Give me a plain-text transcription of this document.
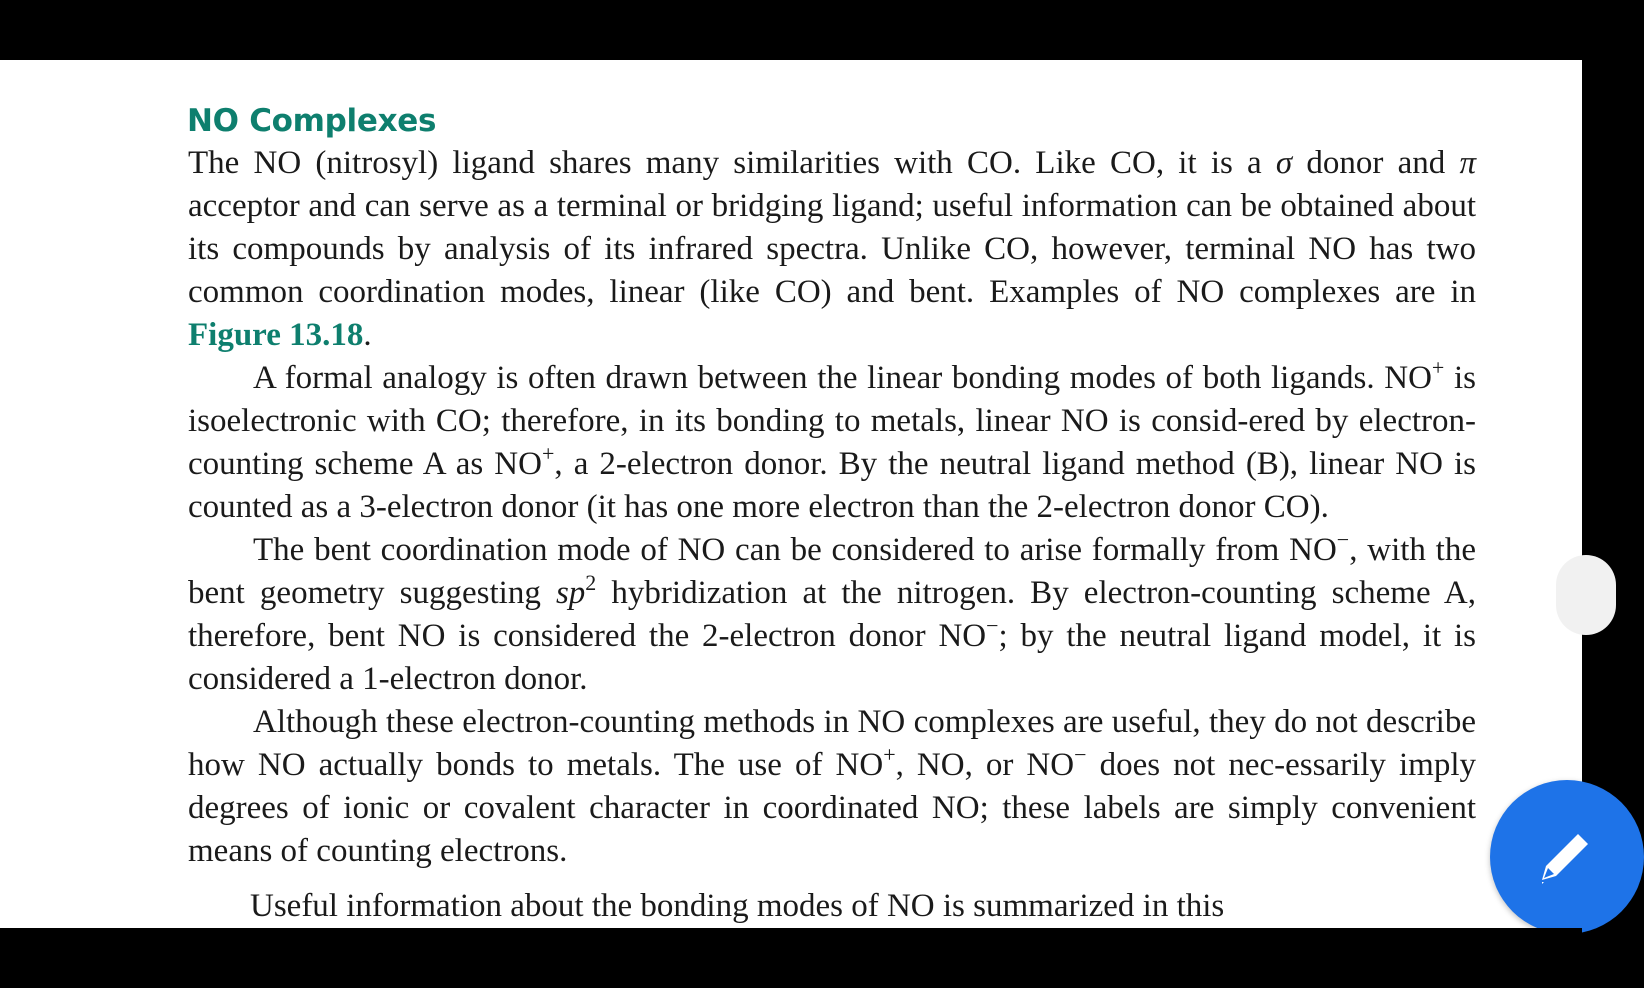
NO Complexes

The NO (nitrosyl) ligand shares many similarities with CO. Like CO, it is a σ donor and π acceptor and can serve as a terminal or bridging ligand; useful information can be obtained about its compounds by analysis of its infrared spectra. Unlike CO, however, terminal NO has two common coordination modes, linear (like CO) and bent. Examples of NO complexes are in Figure 13.18.

A formal analogy is often drawn between the linear bonding modes of both ligands. NO+ is isoelectronic with CO; therefore, in its bonding to metals, linear NO is consid-ered by electron-counting scheme A as NO+, a 2-electron donor. By the neutral ligand method (B), linear NO is counted as a 3-electron donor (it has one more electron than the 2-electron donor CO).

The bent coordination mode of NO can be considered to arise formally from NO−, with the bent geometry suggesting $sp^2$ hybridization at the nitrogen. By electron-counting scheme A, therefore, bent NO is considered the 2-electron donor NO−; by the neutral ligand model, it is considered a 1-electron donor.

Although these electron-counting methods in NO complexes are useful, they do not describe how NO actually bonds to metals. The use of NO+, NO, or NO− does not nec-essarily imply degrees of ionic or covalent character in coordinated NO; these labels are simply convenient means of counting electrons.

Useful information about the bonding modes of NO is summarized in this
